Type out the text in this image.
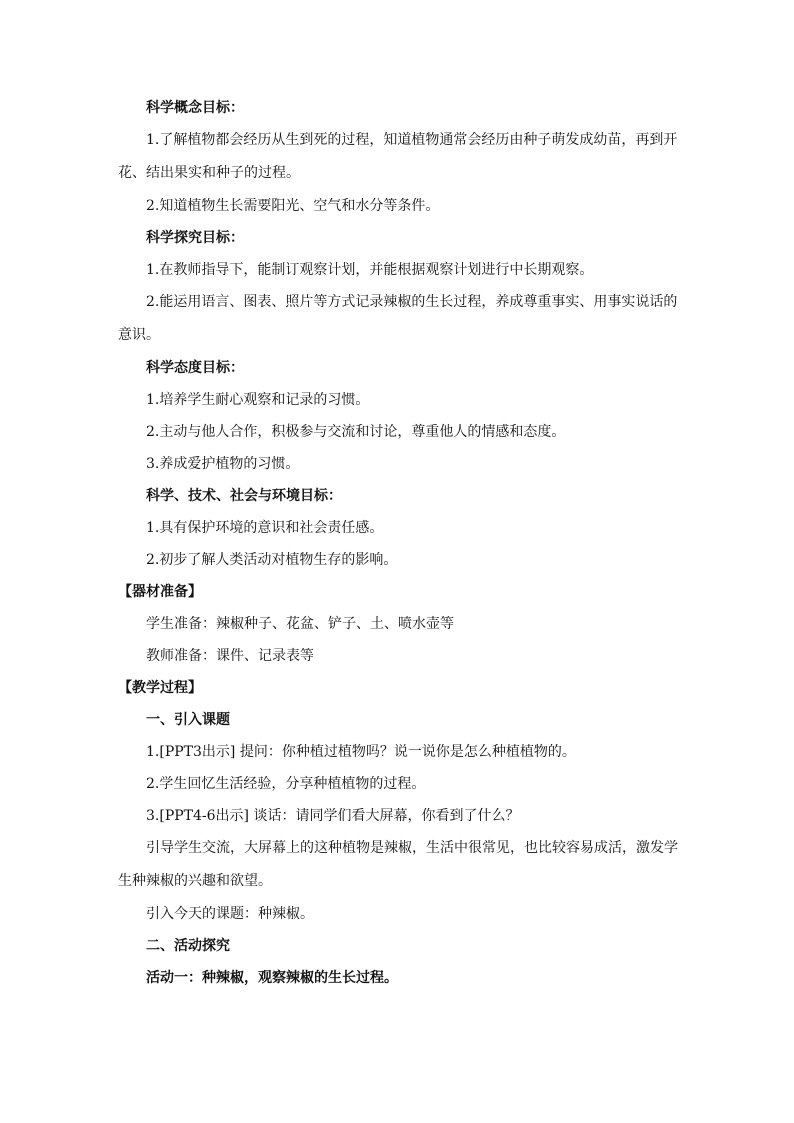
科学概念目标：

1.了解植物都会经历从生到死的过程，知道植物通常会经历由种子萌发成幼苗，再到开花、结出果实和种子的过程。

2.知道植物生长需要阳光、空气和水分等条件。

科学探究目标：

1.在教师指导下，能制订观察计划，并能根据观察计划进行中长期观察。

2.能运用语言、图表、照片等方式记录辣椒的生长过程，养成尊重事实、用事实说话的意识。

科学态度目标：

1.培养学生耐心观察和记录的习惯。

2.主动与他人合作，积极参与交流和讨论，尊重他人的情感和态度。

3.养成爱护植物的习惯。

科学、技术、社会与环境目标：

1.具有保护环境的意识和社会责任感。

2.初步了解人类活动对植物生存的影响。

【器材准备】

学生准备：辣椒种子、花盆、铲子、土、喷水壶等

教师准备：课件、记录表等

【教学过程】

一、引入课题

1.[PPT3出示] 提问：你种植过植物吗？说一说你是怎么种植植物的。

2.学生回忆生活经验，分享种植植物的过程。

3.[PPT4-6出示] 谈话：请同学们看大屏幕，你看到了什么？

引导学生交流，大屏幕上的这种植物是辣椒，生活中很常见，也比较容易成活，激发学生种辣椒的兴趣和欲望。

引入今天的课题：种辣椒。

二、活动探究

活动一：种辣椒，观察辣椒的生长过程。
